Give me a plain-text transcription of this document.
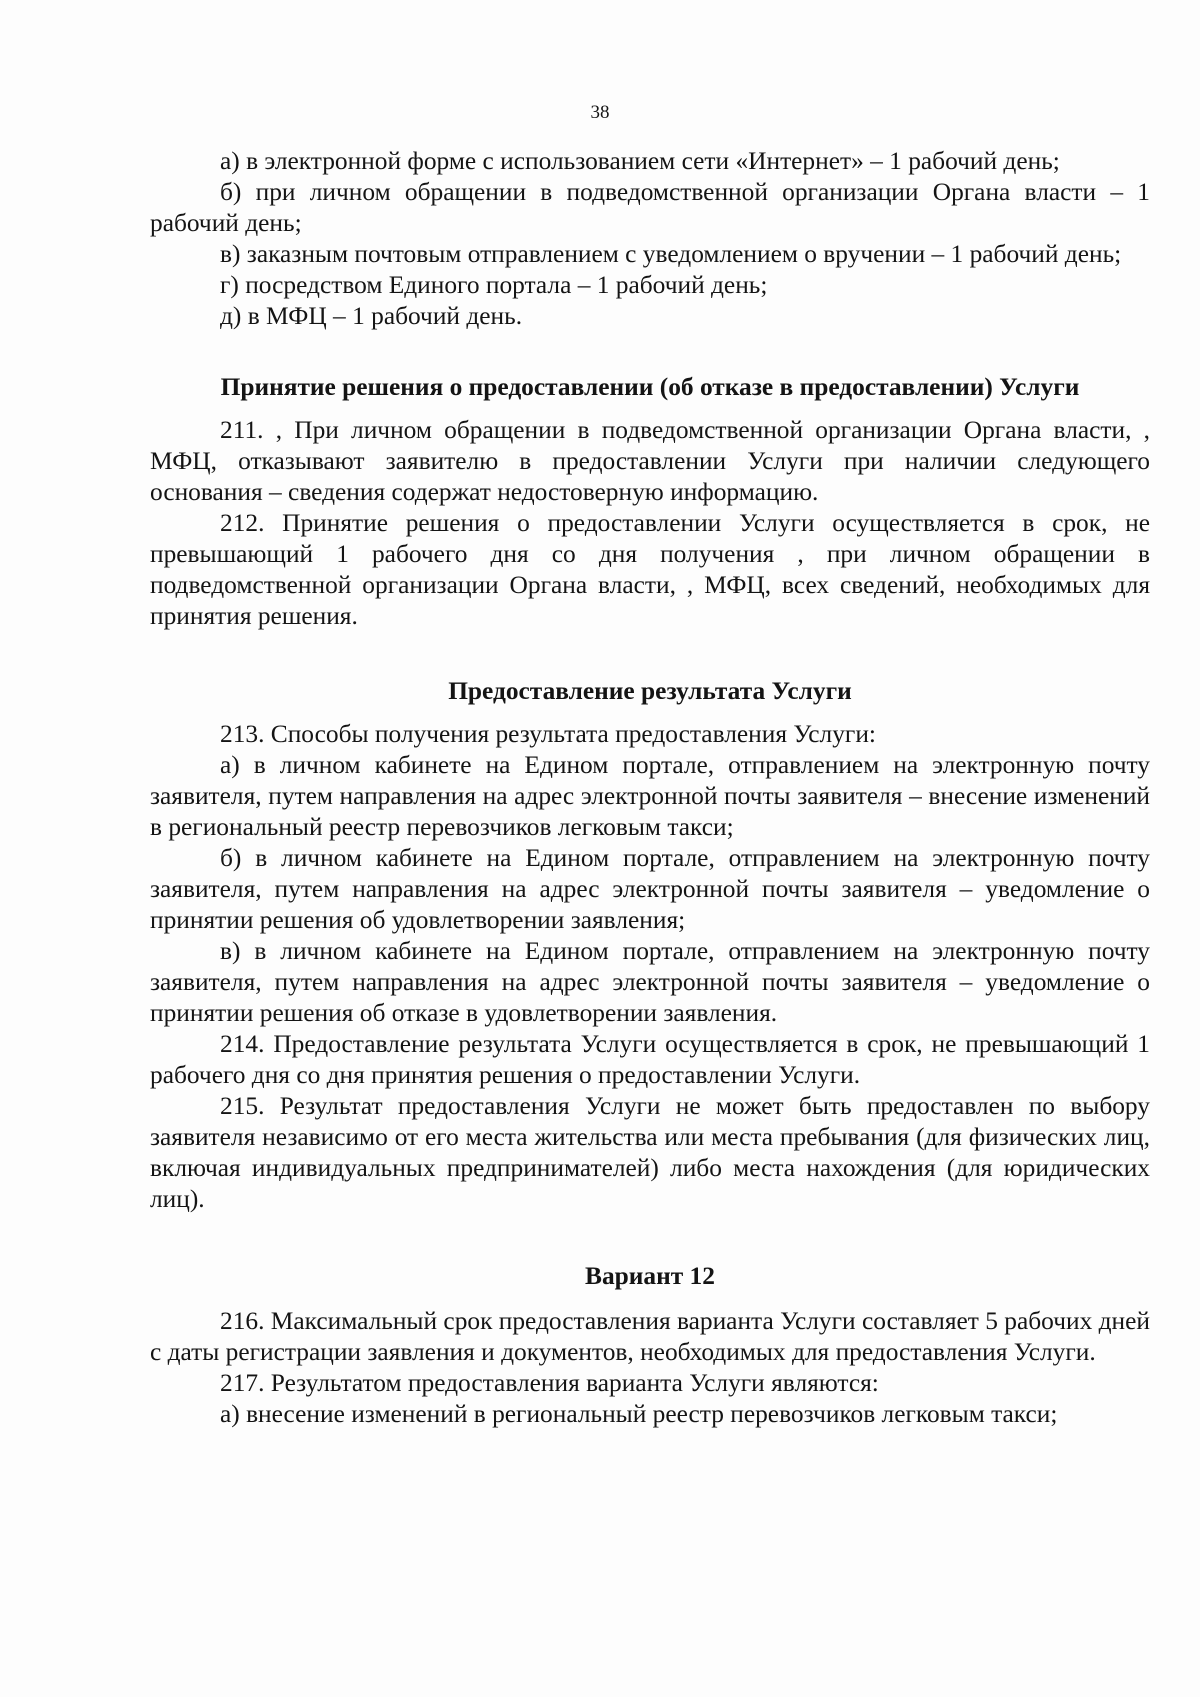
38

а) в электронной форме с использованием сети «Интернет» – 1 рабочий день;

б) при личном обращении в подведомственной организации Органа власти – 1 рабочий день;

в) заказным почтовым отправлением с уведомлением о вручении – 1 рабочий день;

г) посредством Единого портала – 1 рабочий день;

д) в МФЦ – 1 рабочий день.

Принятие решения о предоставлении (об отказе в предоставлении) Услуги

211. , При личном обращении в подведомственной организации Органа власти, , МФЦ, отказывают заявителю в предоставлении Услуги при наличии следующего основания – сведения содержат недостоверную информацию.

212. Принятие решения о предоставлении Услуги осуществляется в срок, не превышающий 1 рабочего дня со дня получения , при личном обращении в подведомственной организации Органа власти, , МФЦ, всех сведений, необходимых для принятия решения.

Предоставление результата Услуги

213. Способы получения результата предоставления Услуги:

а) в личном кабинете на Едином портале, отправлением на электронную почту заявителя, путем направления на адрес электронной почты заявителя – внесение изменений в региональный реестр перевозчиков легковым такси;

б) в личном кабинете на Едином портале, отправлением на электронную почту заявителя, путем направления на адрес электронной почты заявителя – уведомление о принятии решения об удовлетворении заявления;

в) в личном кабинете на Едином портале, отправлением на электронную почту заявителя, путем направления на адрес электронной почты заявителя – уведомление о принятии решения об отказе в удовлетворении заявления.

214. Предоставление результата Услуги осуществляется в срок, не превышающий 1 рабочего дня со дня принятия решения о предоставлении Услуги.

215. Результат предоставления Услуги не может быть предоставлен по выбору заявителя независимо от его места жительства или места пребывания (для физических лиц, включая индивидуальных предпринимателей) либо места нахождения (для юридических лиц).

Вариант 12

216. Максимальный срок предоставления варианта Услуги составляет 5 рабочих дней с даты регистрации заявления и документов, необходимых для предоставления Услуги.

217. Результатом предоставления варианта Услуги являются:

а) внесение изменений в региональный реестр перевозчиков легковым такси;
